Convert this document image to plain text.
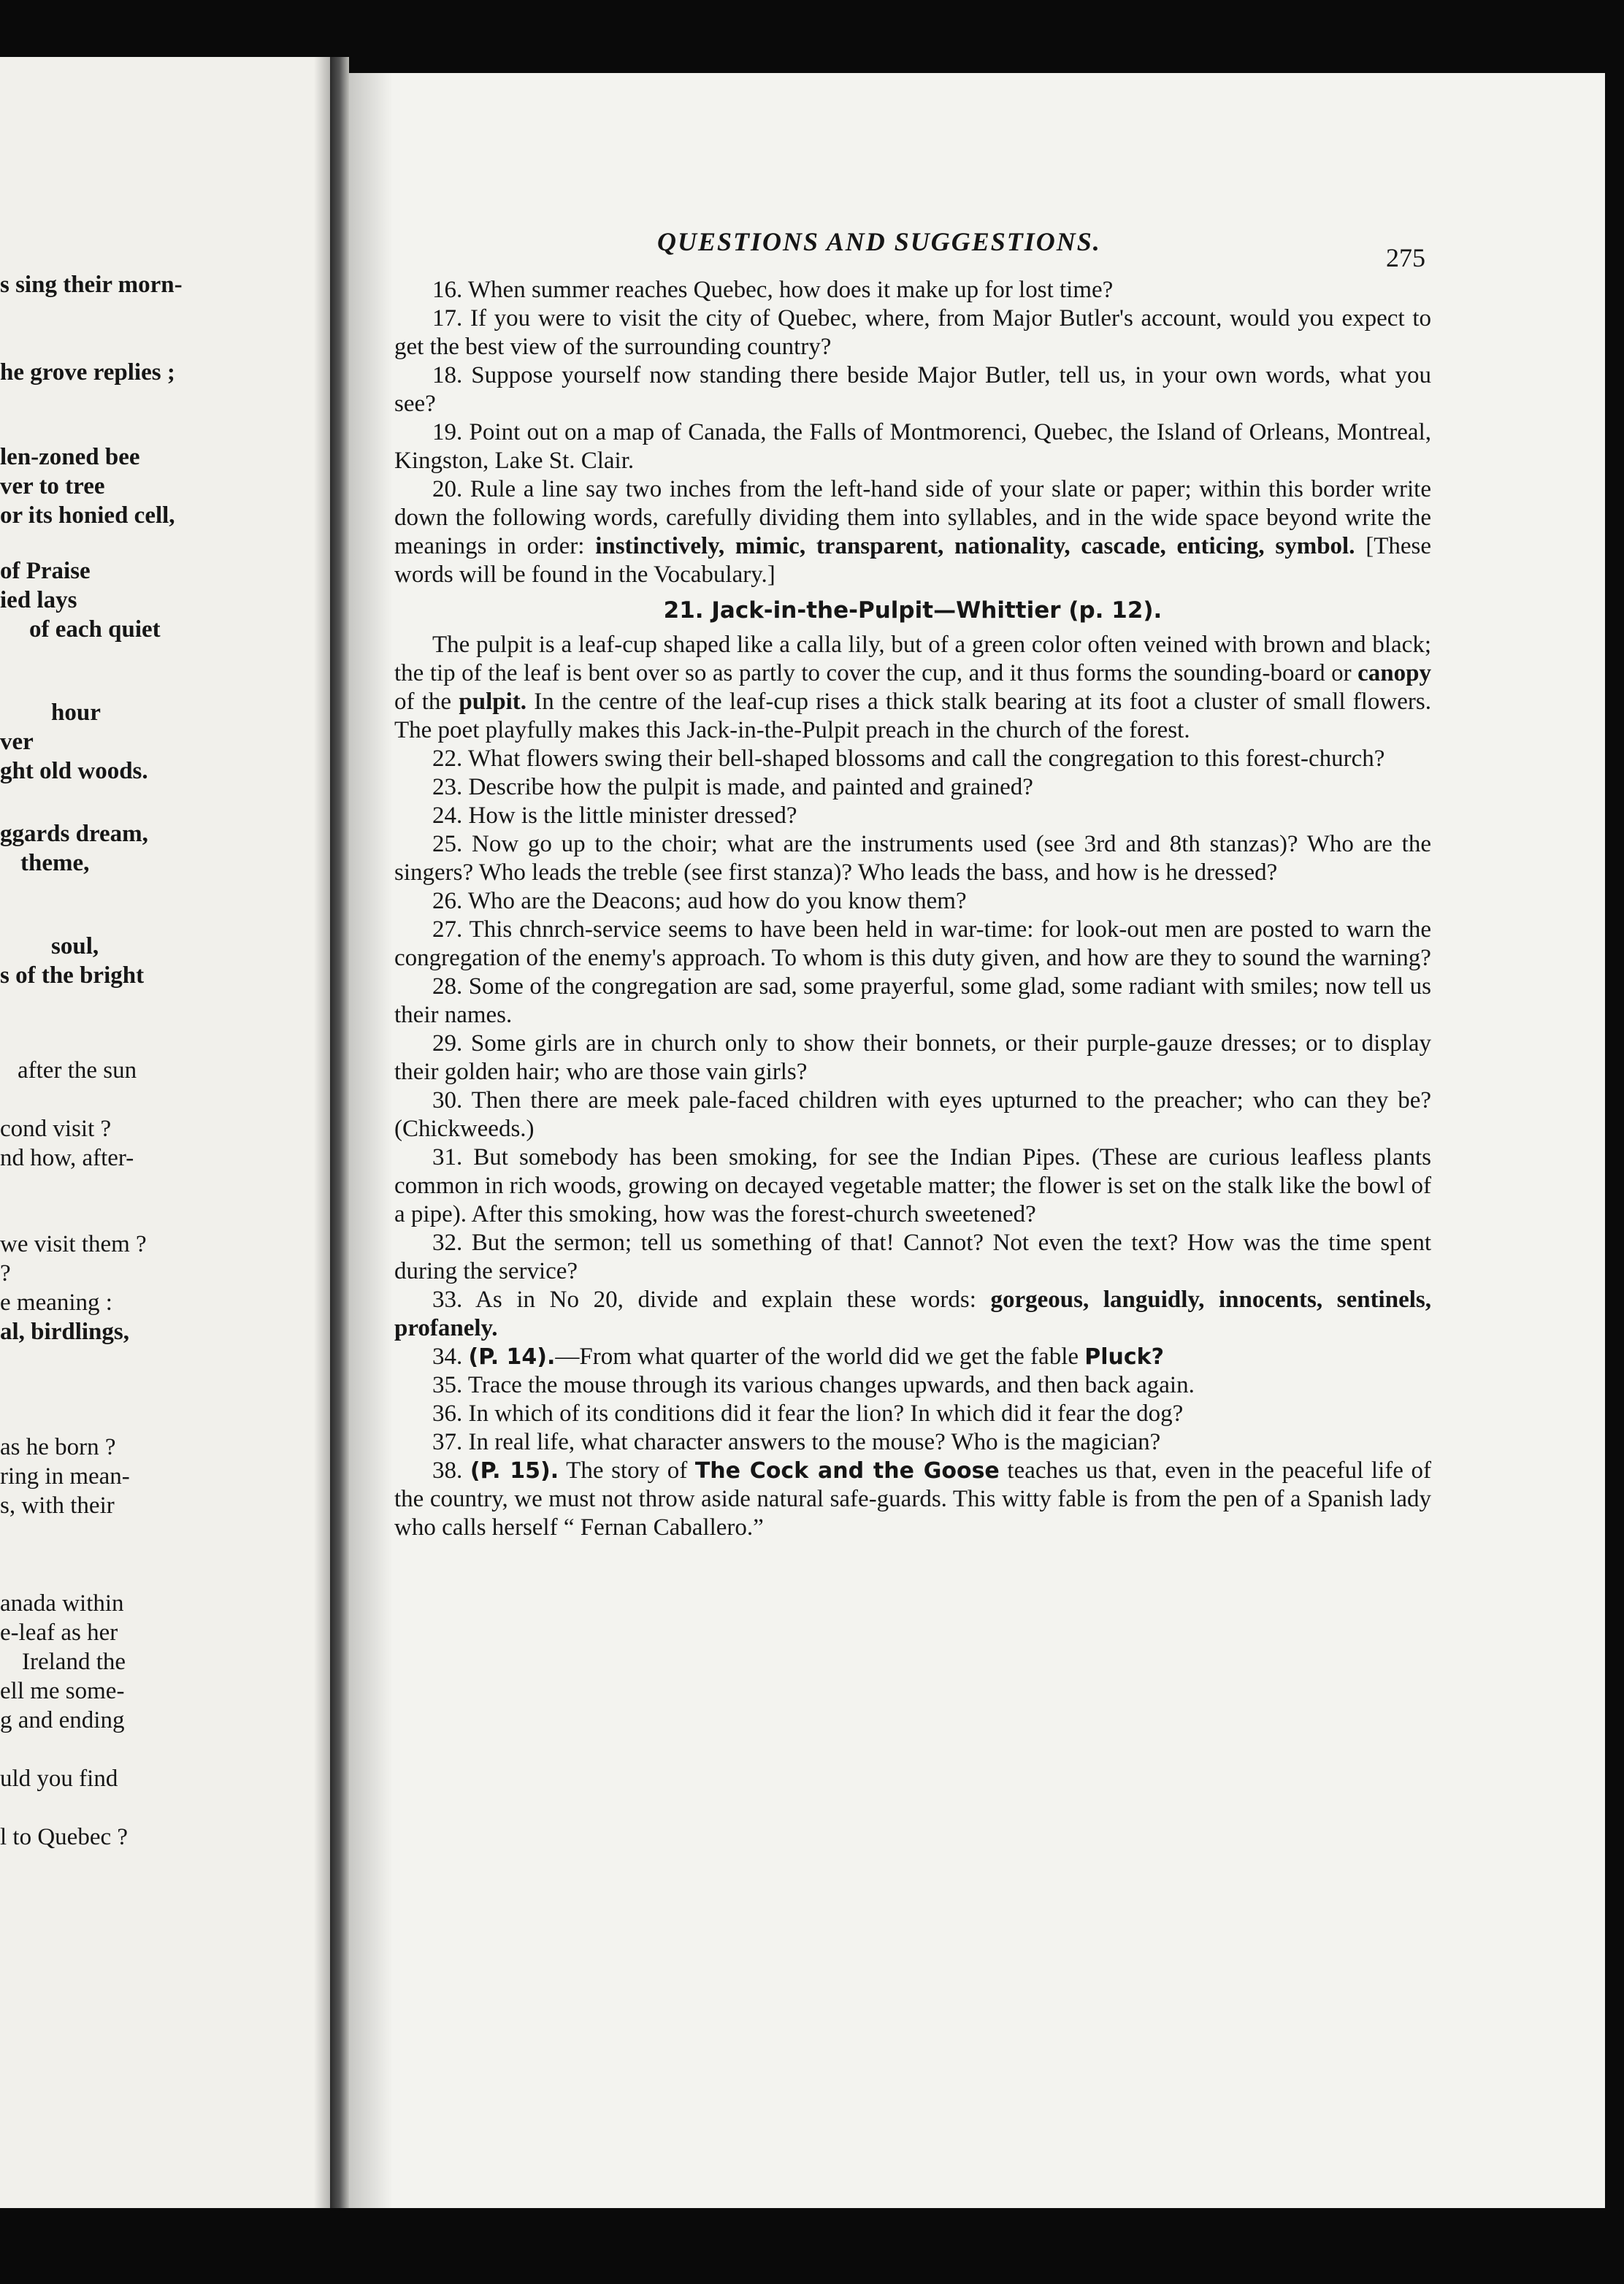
s sing their morn-
he grove replies ;
len-zoned bee
ver to tree
or its honied cell,
of Praise
ied lays
of each quiet
hour
ver
ght old woods.
ggards dream,
theme,
soul,
s of the bright
after the sun
cond visit ?
nd how, after-
we visit them ?
?
e meaning :
al, birdlings,
as he born ?
ring in mean-
s, with their
anada within
e-leaf as her
Ireland the
ell me some-
g and ending
uld you find
l to Quebec ?
QUESTIONS AND SUGGESTIONS.
275

16. When summer reaches Quebec, how does it make up for lost time?

17. If you were to visit the city of Quebec, where, from Major Butler's account, would you expect to get the best view of the surrounding country?

18. Suppose yourself now standing there beside Major Butler, tell us, in your own words, what you see?

19. Point out on a map of Canada, the Falls of Montmorenci, Quebec, the Island of Orleans, Montreal, Kingston, Lake St. Clair.

20. Rule a line say two inches from the left-hand side of your slate or paper; within this border write down the following words, carefully dividing them into syllables, and in the wide space beyond write the meanings in order: instinctively, mimic, transparent, nationality, cascade, enticing, symbol. [These words will be found in the Vocabulary.]

21. Jack-in-the-Pulpit—Whittier (p. 12).

The pulpit is a leaf-cup shaped like a calla lily, but of a green color often veined with brown and black; the tip of the leaf is bent over so as partly to cover the cup, and it thus forms the sounding-board or canopy of the pulpit. In the centre of the leaf-cup rises a thick stalk bearing at its foot a cluster of small flowers. The poet playfully makes this Jack-in-the-Pulpit preach in the church of the forest.

22. What flowers swing their bell-shaped blossoms and call the congregation to this forest-church?

23. Describe how the pulpit is made, and painted and grained?

24. How is the little minister dressed?

25. Now go up to the choir; what are the instruments used (see 3rd and 8th stanzas)? Who are the singers? Who leads the treble (see first stanza)? Who leads the bass, and how is he dressed?

26. Who are the Deacons; aud how do you know them?

27. This chnrch-service seems to have been held in war-time: for look-out men are posted to warn the congregation of the enemy's approach. To whom is this duty given, and how are they to sound the warning?

28. Some of the congregation are sad, some prayerful, some glad, some radiant with smiles; now tell us their names.

29. Some girls are in church only to show their bonnets, or their purple-gauze dresses; or to display their golden hair; who are those vain girls?

30. Then there are meek pale-faced children with eyes upturned to the preacher; who can they be? (Chickweeds.)

31. But somebody has been smoking, for see the Indian Pipes. (These are curious leafless plants common in rich woods, growing on decayed vegetable matter; the flower is set on the stalk like the bowl of a pipe). After this smoking, how was the forest-church sweetened?

32. But the sermon; tell us something of that! Cannot? Not even the text? How was the time spent during the service?

33. As in No 20, divide and explain these words: gorgeous, languidly, innocents, sentinels, profanely.

34. (P. 14).—From what quarter of the world did we get the fable Pluck?

35. Trace the mouse through its various changes upwards, and then back again.

36. In which of its conditions did it fear the lion? In which did it fear the dog?

37. In real life, what character answers to the mouse? Who is the magician?

38. (P. 15). The story of The Cock and the Goose teaches us that, even in the peaceful life of the country, we must not throw aside natural safe-guards. This witty fable is from the pen of a Spanish lady who calls herself “ Fernan Caballero.”
